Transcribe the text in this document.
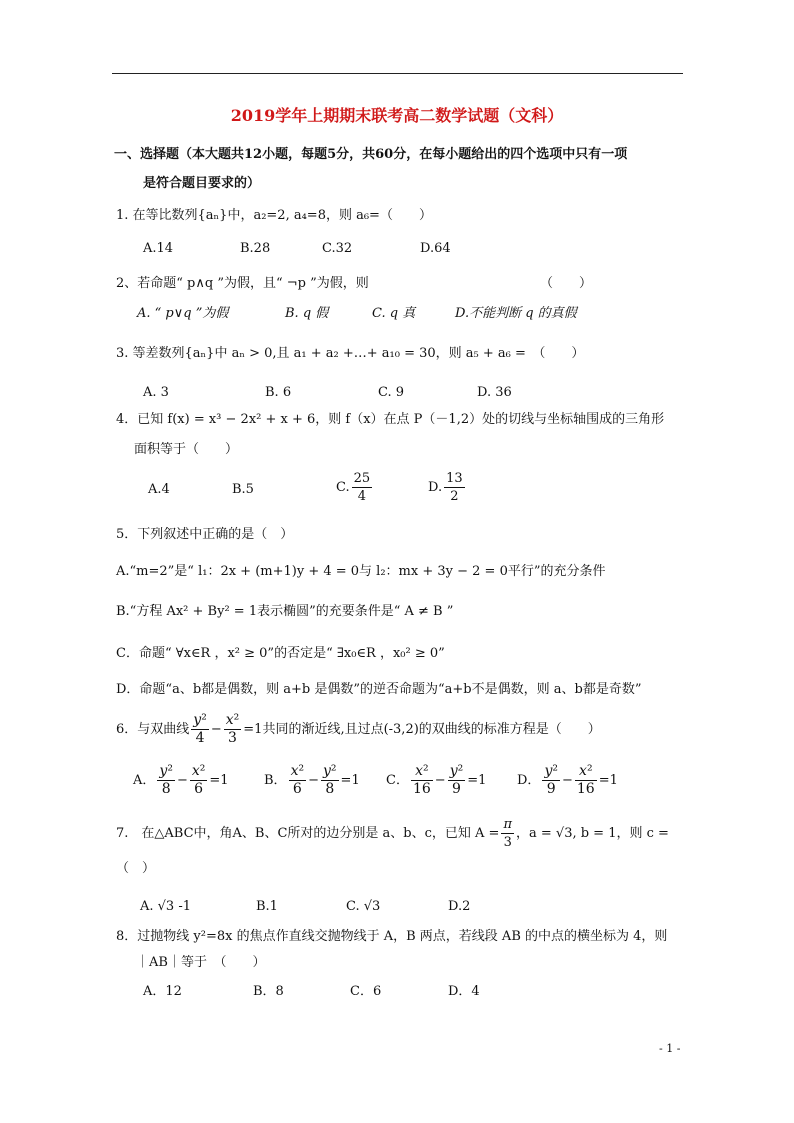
2019学年上期期末联考高二数学试题（文科）
一、选择题（本大题共12小题，每题5分，共60分，在每小题给出的四个选项中只有一项
是符合题目要求的）
1. 在等比数列{aₙ}中，a₂=2, a₄=8，则 a₆=（　　）
A.14	B.28	C.32	D.64
2、若命题“ p∧q ”为假，且“ ¬p ”为假，则	（　　）
A. “ p∨q ”为假	B. q 假	C. q 真	D.不能判断 q 的真假
3. 等差数列{aₙ}中 aₙ > 0,且 a₁ + a₂ +…+ a₁₀ = 30，则 a₅ + a₆ =　（　　）
A. 3	B. 6	C. 9	D. 36
4．已知 f(x) = x³ − 2x² + x + 6，则 f（x）在点 P（－1,2）处的切线与坐标轴围成的三角形
面积等于（　　）
A.4	B.5	C. $\frac{25}{4}$	D. $\frac{13}{2}$
5．下列叙述中正确的是（　）
A.“m=2”是“ l₁：2x + (m+1)y + 4 = 0与 l₂：mx + 3y − 2 = 0平行”的充分条件
B.“方程 Ax² + By² = 1表示椭圆”的充要条件是“ A ≠ B ”
C．命题“ ∀x∈R ，x² ≥ 0”的否定是“ ∃x₀∈R ，x₀² ≥ 0”
D．命题“a、b都是偶数，则 a+b 是偶数”的逆否命题为“a+b不是偶数，则 a、b都是奇数”
6．与双曲线 $\frac{\text{y²}}{4} - \frac{\text{x²}}{3} =1$共同的渐近线,且过点(-3,2)的双曲线的标准方程是（　　）
A． $\frac{\text{y²}}{8} - \frac{\text{x²}}{6} =1$	B． $\frac{\text{x²}}{6} - \frac{\text{y²}}{8} =1$ C． $\frac{\text{x²}}{16} - \frac{\text{y²}}{9} =1$ D． $\frac{\text{y²}}{9} - \frac{\text{x²}}{16} =1$
7.　在△ABC中，角A、B、C所对的边分别是 a、b、c，已知 $A = \frac{\pi}{3}$ ，a = √3, b = 1，则 c =
（　）
A. √3 -1	B.1	C. √3	D.2
8．过抛物线 y²=8x 的焦点作直线交抛物线于 A，B 两点，若线段 AB 的中点的横坐标为 4，则
｜AB｜等于　（　　）
A．12	B．8	C．6	D．4
- 1 -
